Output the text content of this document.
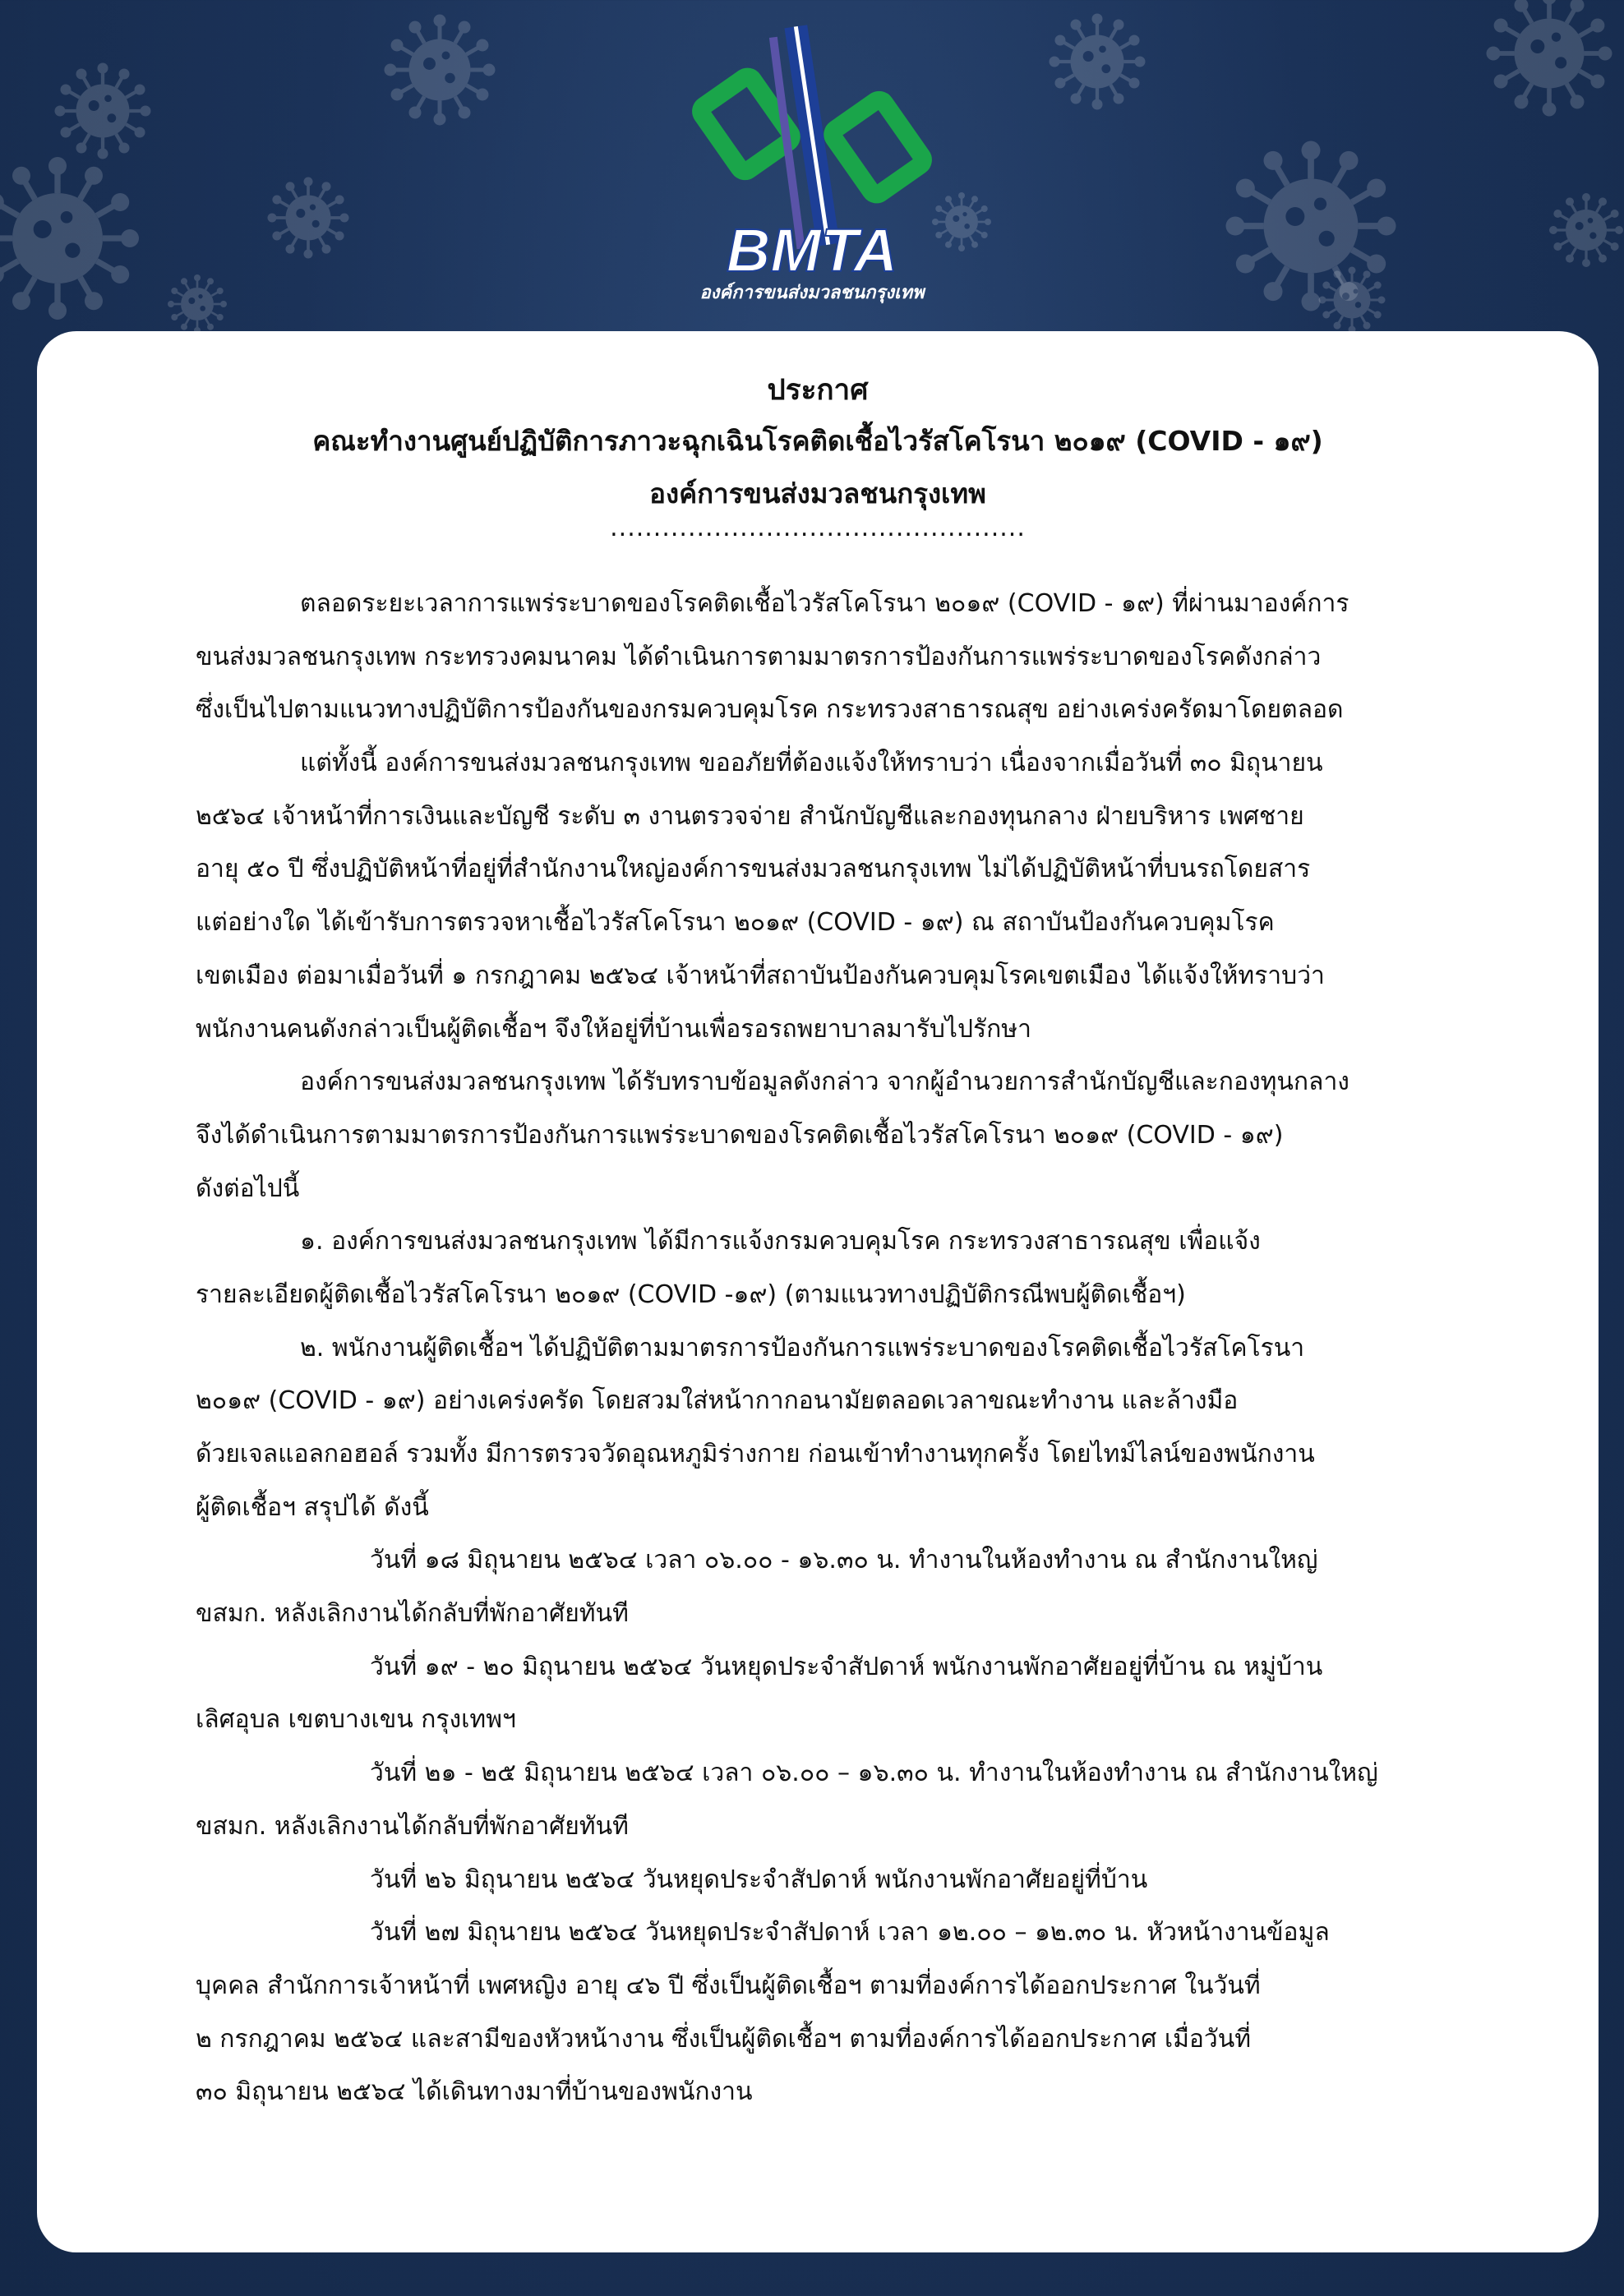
BMTA
องค์การขนส่งมวลชนกรุงเทพ
ประกาศ
คณะทำงานศูนย์ปฏิบัติการภาวะฉุกเฉินโรคติดเชื้อไวรัสโคโรนา ๒๐๑๙ (COVID - ๑๙)
องค์การขนส่งมวลชนกรุงเทพ
................................................
ตลอดระยะเวลาการแพร่ระบาดของโรคติดเชื้อไวรัสโคโรนา ๒๐๑๙ (COVID - ๑๙) ที่ผ่านมาองค์การ
ขนส่งมวลชนกรุงเทพ กระทรวงคมนาคม ได้ดำเนินการตามมาตรการป้องกันการแพร่ระบาดของโรคดังกล่าว
ซึ่งเป็นไปตามแนวทางปฏิบัติการป้องกันของกรมควบคุมโรค กระทรวงสาธารณสุข อย่างเคร่งครัดมาโดยตลอด
แต่ทั้งนี้ องค์การขนส่งมวลชนกรุงเทพ ขออภัยที่ต้องแจ้งให้ทราบว่า เนื่องจากเมื่อวันที่ ๓๐ มิถุนายน
๒๕๖๔ เจ้าหน้าที่การเงินและบัญชี ระดับ ๓ งานตรวจจ่าย สำนักบัญชีและกองทุนกลาง ฝ่ายบริหาร เพศชาย
อายุ ๕๐ ปี ซึ่งปฏิบัติหน้าที่อยู่ที่สำนักงานใหญ่องค์การขนส่งมวลชนกรุงเทพ ไม่ได้ปฏิบัติหน้าที่บนรถโดยสาร
แต่อย่างใด ได้เข้ารับการตรวจหาเชื้อไวรัสโคโรนา ๒๐๑๙ (COVID - ๑๙) ณ สถาบันป้องกันควบคุมโรค
เขตเมือง ต่อมาเมื่อวันที่ ๑ กรกฎาคม ๒๕๖๔ เจ้าหน้าที่สถาบันป้องกันควบคุมโรคเขตเมือง ได้แจ้งให้ทราบว่า
พนักงานคนดังกล่าวเป็นผู้ติดเชื้อฯ จึงให้อยู่ที่บ้านเพื่อรอรถพยาบาลมารับไปรักษา
องค์การขนส่งมวลชนกรุงเทพ ได้รับทราบข้อมูลดังกล่าว จากผู้อำนวยการสำนักบัญชีและกองทุนกลาง
จึงได้ดำเนินการตามมาตรการป้องกันการแพร่ระบาดของโรคติดเชื้อไวรัสโคโรนา ๒๐๑๙ (COVID - ๑๙)
ดังต่อไปนี้
๑. องค์การขนส่งมวลชนกรุงเทพ ได้มีการแจ้งกรมควบคุมโรค กระทรวงสาธารณสุข เพื่อแจ้ง
รายละเอียดผู้ติดเชื้อไวรัสโคโรนา ๒๐๑๙ (COVID -๑๙) (ตามแนวทางปฏิบัติกรณีพบผู้ติดเชื้อฯ)
๒. พนักงานผู้ติดเชื้อฯ ได้ปฏิบัติตามมาตรการป้องกันการแพร่ระบาดของโรคติดเชื้อไวรัสโคโรนา
๒๐๑๙ (COVID - ๑๙) อย่างเคร่งครัด โดยสวมใส่หน้ากากอนามัยตลอดเวลาขณะทำงาน และล้างมือ
ด้วยเจลแอลกอฮอล์ รวมทั้ง มีการตรวจวัดอุณหภูมิร่างกาย ก่อนเข้าทำงานทุกครั้ง โดยไทม์ไลน์ของพนักงาน
ผู้ติดเชื้อฯ สรุปได้ ดังนี้
วันที่ ๑๘ มิถุนายน ๒๕๖๔ เวลา ๐๖.๐๐ - ๑๖.๓๐ น. ทำงานในห้องทำงาน ณ สำนักงานใหญ่
ขสมก. หลังเลิกงานได้กลับที่พักอาศัยทันที
วันที่ ๑๙ - ๒๐ มิถุนายน ๒๕๖๔ วันหยุดประจำสัปดาห์ พนักงานพักอาศัยอยู่ที่บ้าน ณ หมู่บ้าน
เลิศอุบล เขตบางเขน กรุงเทพฯ
วันที่ ๒๑ - ๒๕ มิถุนายน ๒๕๖๔ เวลา ๐๖.๐๐ – ๑๖.๓๐ น. ทำงานในห้องทำงาน ณ สำนักงานใหญ่
ขสมก. หลังเลิกงานได้กลับที่พักอาศัยทันที
วันที่ ๒๖ มิถุนายน ๒๕๖๔ วันหยุดประจำสัปดาห์ พนักงานพักอาศัยอยู่ที่บ้าน
วันที่ ๒๗ มิถุนายน ๒๕๖๔ วันหยุดประจำสัปดาห์ เวลา ๑๒.๐๐ – ๑๒.๓๐ น. หัวหน้างานข้อมูล
บุคคล สำนักการเจ้าหน้าที่ เพศหญิง อายุ ๔๖ ปี ซึ่งเป็นผู้ติดเชื้อฯ ตามที่องค์การได้ออกประกาศ ในวันที่
๒ กรกฎาคม ๒๕๖๔ และสามีของหัวหน้างาน ซึ่งเป็นผู้ติดเชื้อฯ ตามที่องค์การได้ออกประกาศ เมื่อวันที่
๓๐ มิถุนายน ๒๕๖๔ ได้เดินทางมาที่บ้านของพนักงาน
